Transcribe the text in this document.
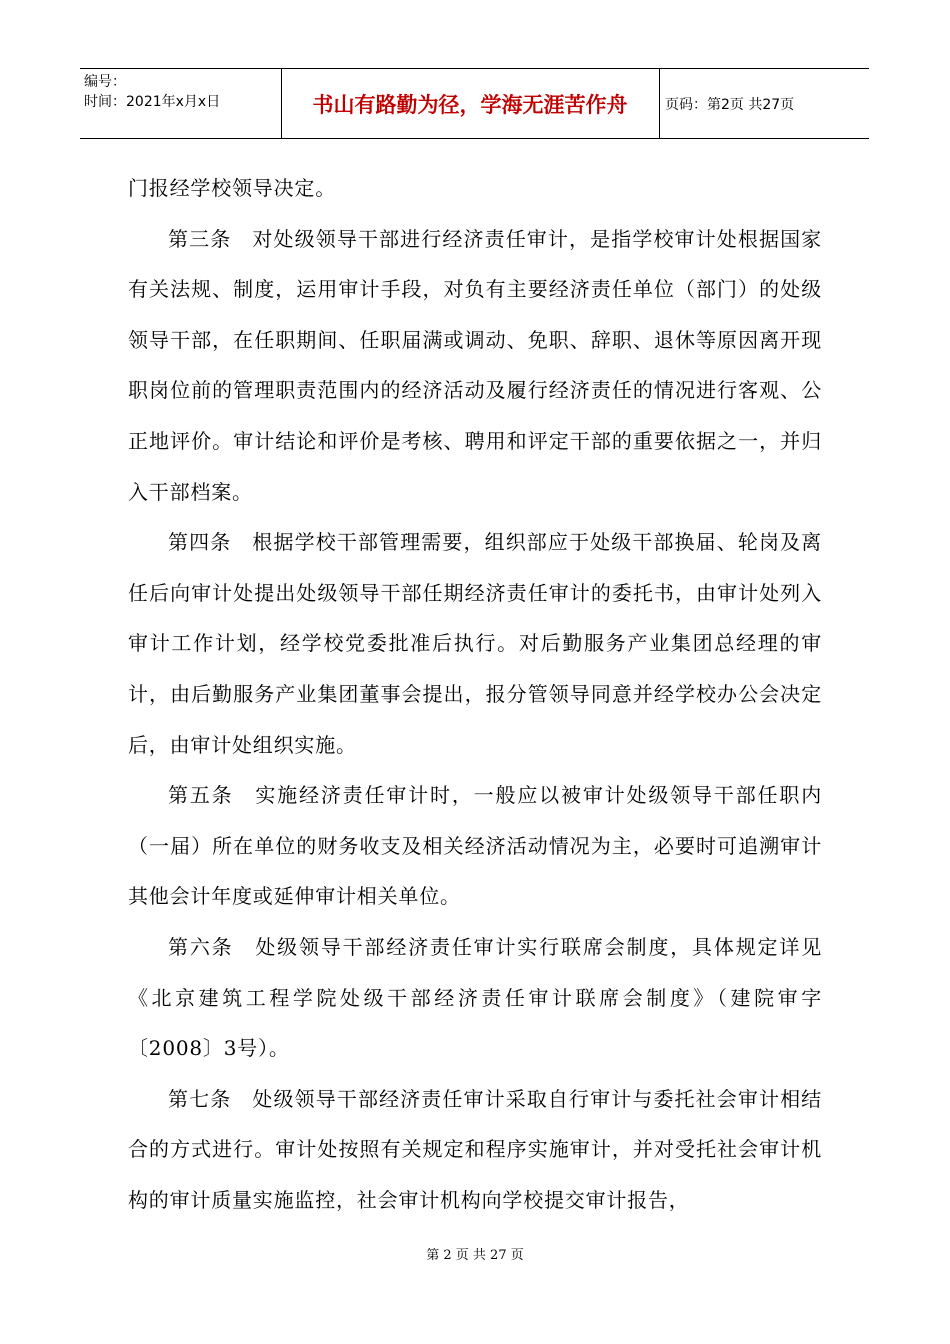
编号：
时间：2021年x月x日	书山有路勤为径，学海无涯苦作舟	页码：第2页 共27页

门报经学校领导决定。

第三条　对处级领导干部进行经济责任审计，是指学校审计处根据国家有关法规、制度，运用审计手段，对负有主要经济责任单位（部门）的处级领导干部，在任职期间、任职届满或调动、免职、辞职、退休等原因离开现职岗位前的管理职责范围内的经济活动及履行经济责任的情况进行客观、公正地评价。审计结论和评价是考核、聘用和评定干部的重要依据之一，并归入干部档案。

第四条　根据学校干部管理需要，组织部应于处级干部换届、轮岗及离任后向审计处提出处级领导干部任期经济责任审计的委托书，由审计处列入审计工作计划，经学校党委批准后执行。对后勤服务产业集团总经理的审计，由后勤服务产业集团董事会提出，报分管领导同意并经学校办公会决定后，由审计处组织实施。

第五条　实施经济责任审计时，一般应以被审计处级领导干部任职内（一届）所在单位的财务收支及相关经济活动情况为主，必要时可追溯审计其他会计年度或延伸审计相关单位。

第六条　处级领导干部经济责任审计实行联席会制度，具体规定详见《北京建筑工程学院处级干部经济责任审计联席会制度》（建院审字〔2008〕3号）。

第七条　处级领导干部经济责任审计采取自行审计与委托社会审计相结合的方式进行。审计处按照有关规定和程序实施审计，并对受托社会审计机构的审计质量实施监控，社会审计机构向学校提交审计报告，

第 2 页 共 27 页
